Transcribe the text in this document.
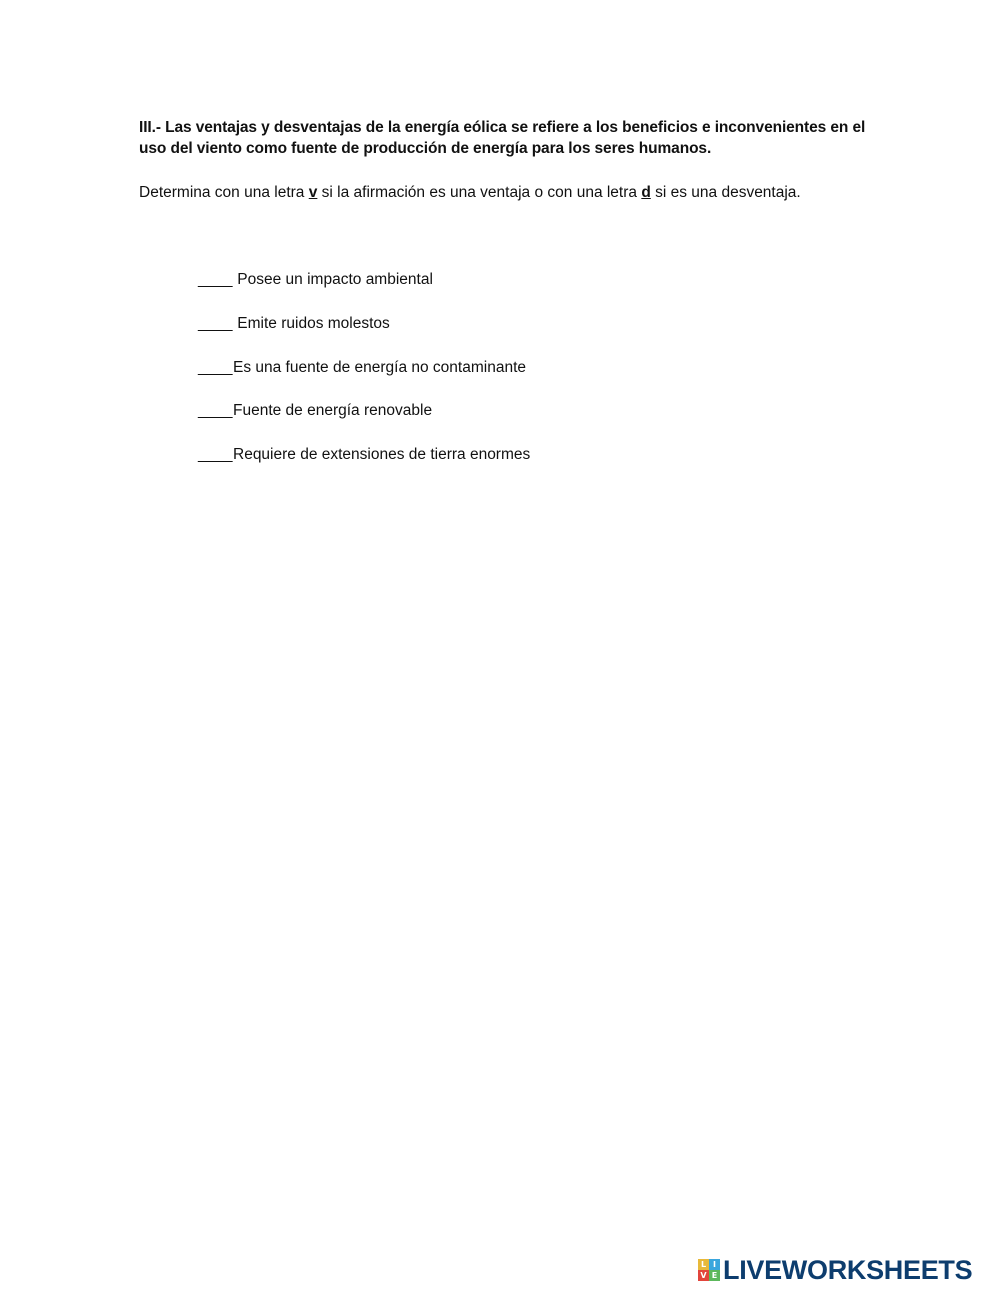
III.- Las ventajas y desventajas de la energía eólica se refiere a los beneficios e inconvenientes en el uso del viento como fuente de producción de energía para los seres humanos.
Determina con una letra v si la afirmación es una ventaja o con una letra d si es una desventaja.
____ Posee un impacto ambiental
____ Emite ruidos molestos
____Es una fuente de energía no contaminante
____Fuente de energía renovable
____Requiere de extensiones de tierra enormes
L I
V E LIVEWORKSHEETS
